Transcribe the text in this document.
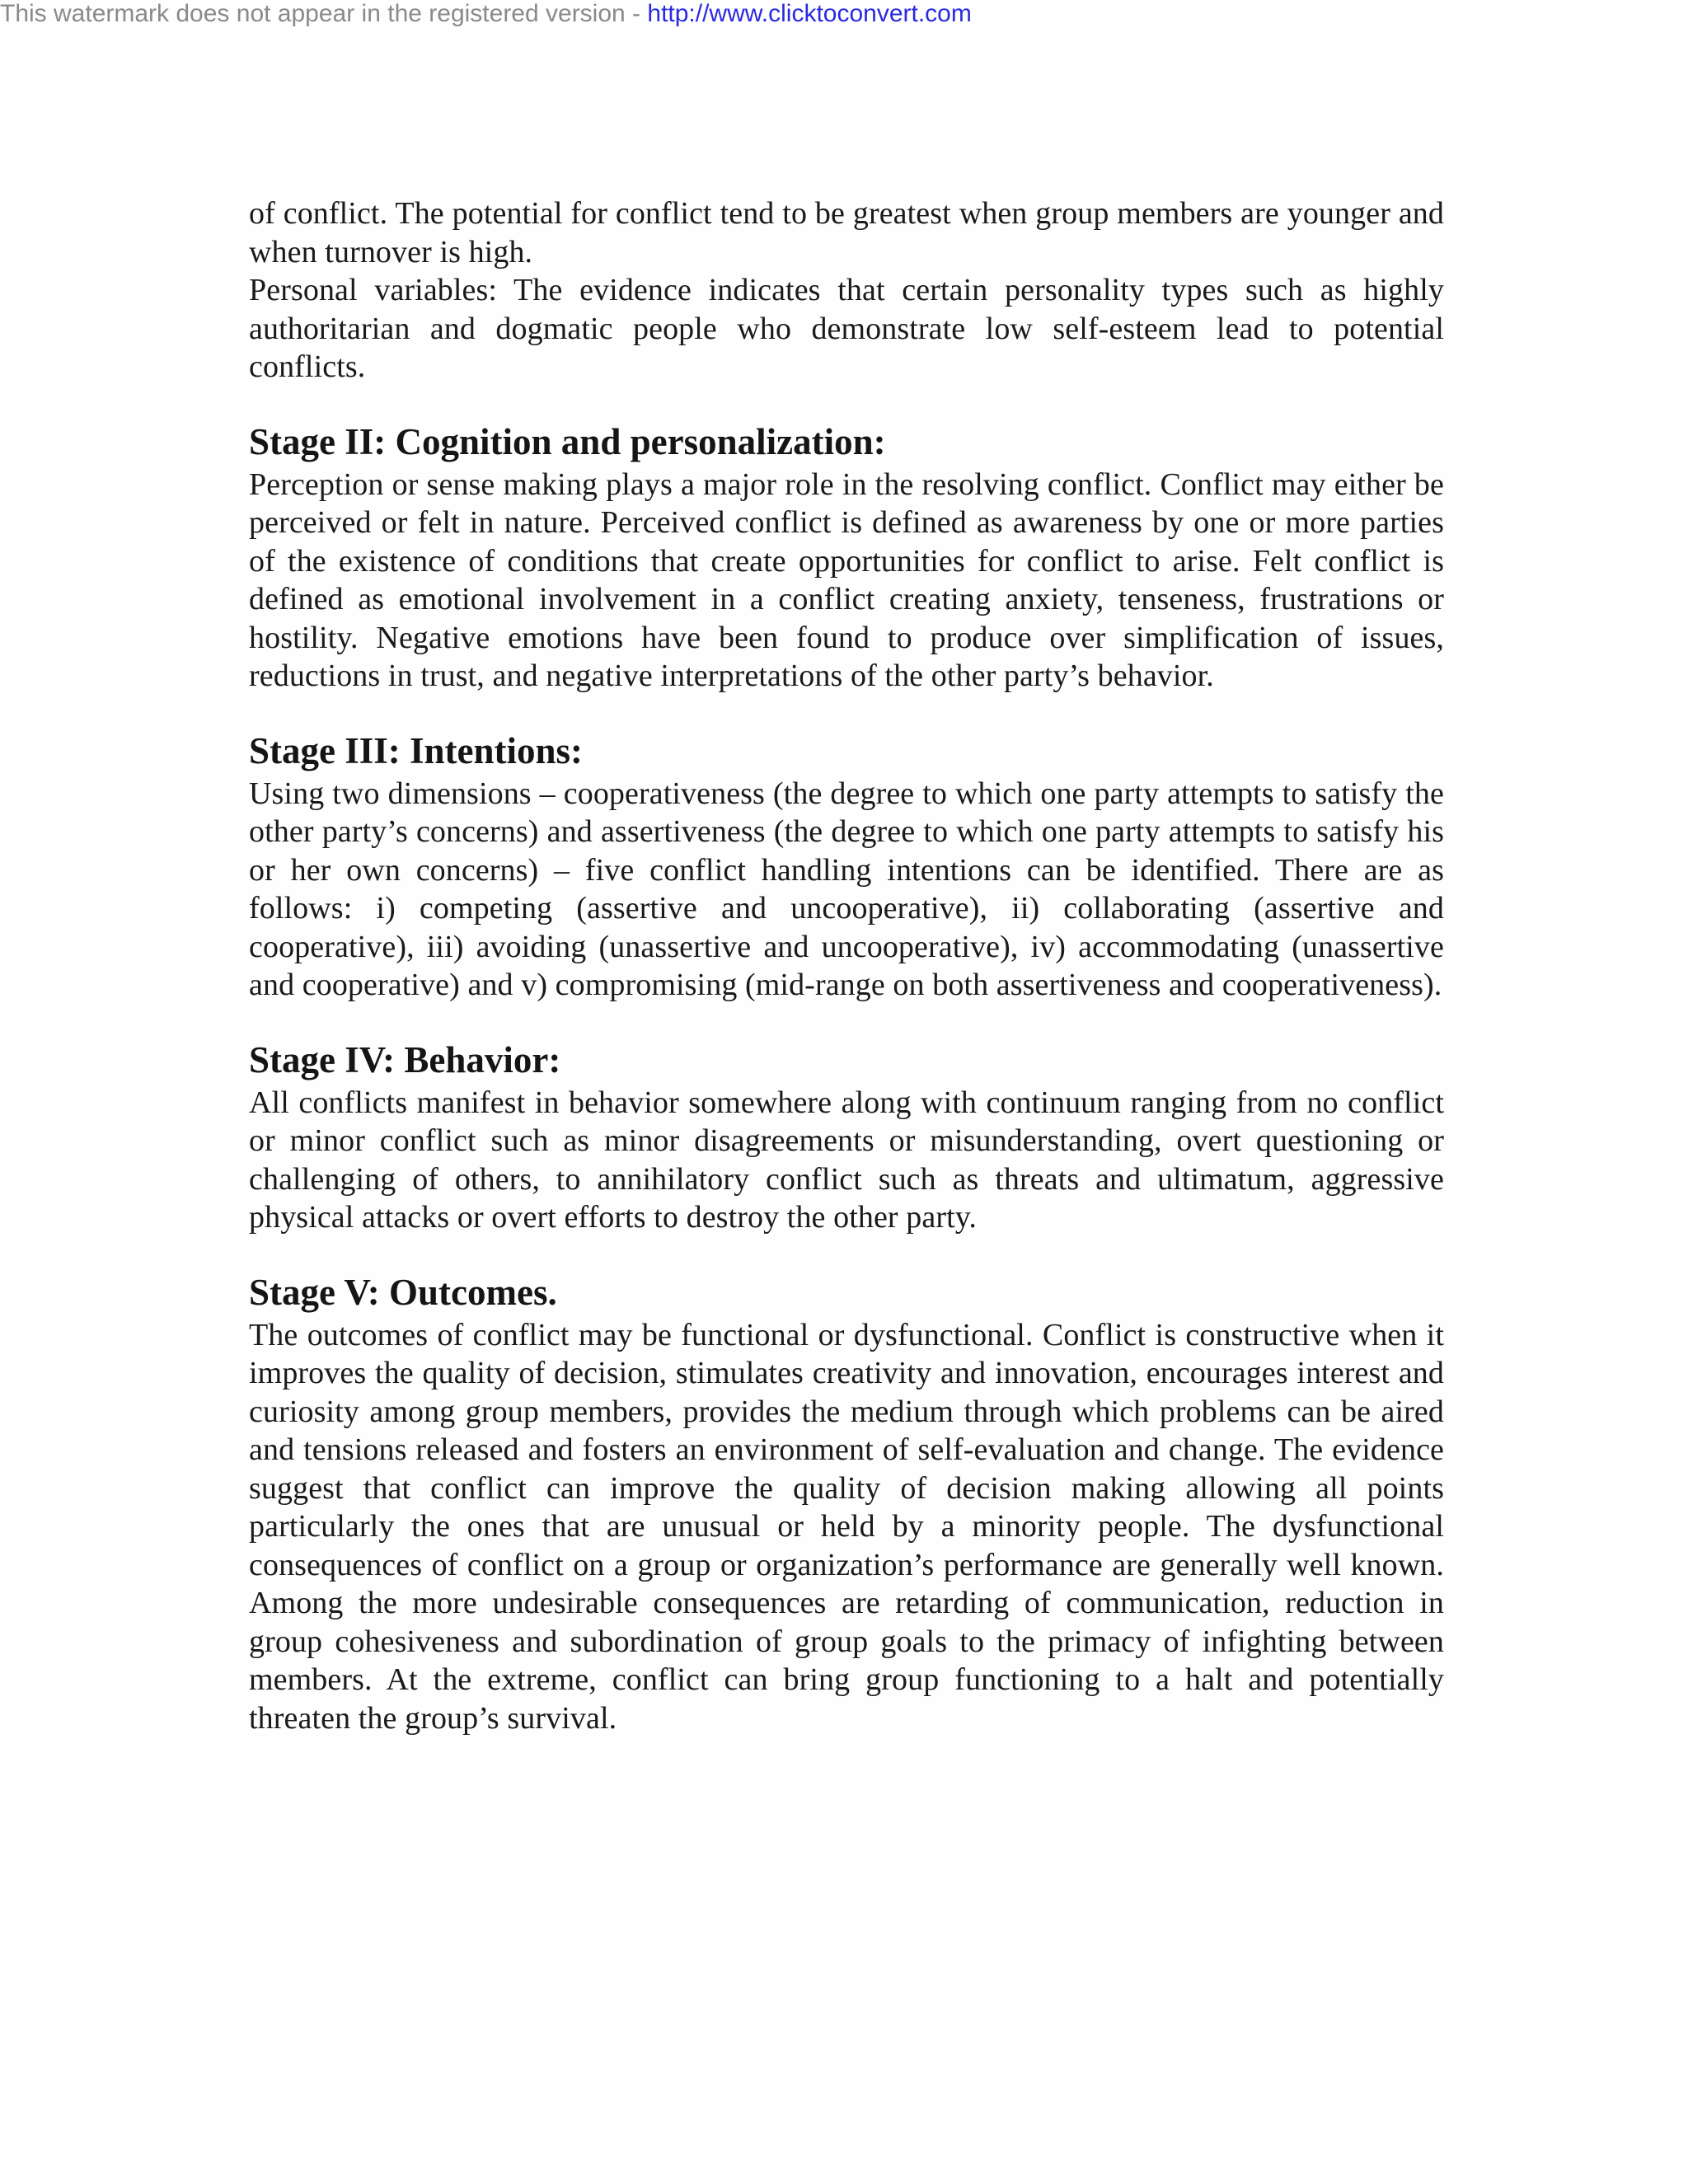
This watermark does not appear in the registered version - http://www.clicktoconvert.com

of conflict. The potential for conflict tend to be greatest when group members are younger and when turnover is high.

Personal variables: The evidence indicates that certain personality types such as highly authoritarian and dogmatic people who demonstrate low self-esteem lead to potential conflicts.

Stage II: Cognition and personalization:

Perception or sense making plays a major role in the resolving conflict. Conflict may either be perceived or felt in nature. Perceived conflict is defined as awareness by one or more parties of the existence of conditions that create opportunities for conflict to arise. Felt conflict is defined as emotional involvement in a conflict creating anxiety, tenseness, frustrations or hostility. Negative emotions have been found to produce over simplification of issues, reductions in trust, and negative interpretations of the other party’s behavior.

Stage III: Intentions:

Using two dimensions – cooperativeness (the degree to which one party attempts to satisfy the other party’s concerns) and assertiveness (the degree to which one party attempts to satisfy his or her own concerns) – five conflict handling intentions can be identified. There are as follows: i) competing (assertive and uncooperative), ii) collaborating (assertive and cooperative), iii) avoiding (unassertive and uncooperative), iv) accommodating (unassertive and cooperative) and v) compromising (mid-range on both assertiveness and cooperativeness).

Stage IV: Behavior:

All conflicts manifest in behavior somewhere along with continuum ranging from no conflict or minor conflict such as minor disagreements or misunderstanding, overt questioning or challenging of others, to annihilatory conflict such as threats and ultimatum, aggressive physical attacks or overt efforts to destroy the other party.

Stage V: Outcomes.

The outcomes of conflict may be functional or dysfunctional. Conflict is constructive when it improves the quality of decision, stimulates creativity and innovation, encourages interest and curiosity among group members, provides the medium through which problems can be aired and tensions released and fosters an environment of self-evaluation and change. The evidence suggest that conflict can improve the quality of decision making allowing all points particularly the ones that are unusual or held by a minority people. The dysfunctional consequences of conflict on a group or organization’s performance are generally well known. Among the more undesirable consequences are retarding of communication, reduction in group cohesiveness and subordination of group goals to the primacy of infighting between members. At the extreme, conflict can bring group functioning to a halt and potentially threaten the group’s survival.
